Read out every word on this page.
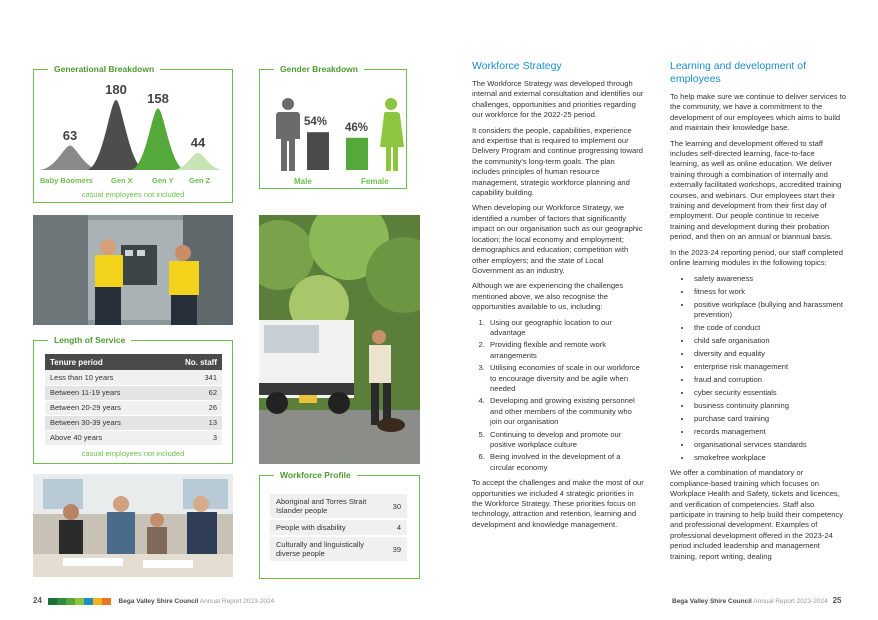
Generational Breakdown
63
180
158
44
Baby Boomers Gen X	Gen Y Gen Z
casual employees not included
Gender Breakdown
54% 46%
Male	Female
Length of Service
Tenure period	No. staff
Less than 10 years	341
Between 11-19 years	62
Between 20-29 years	26
Between 30-39 years	13
Above 40 years	3
casual employees not included
Workforce Profile
Aboriginal and Torres Strait Islander people	30
People with disability	4
Culturally and linguistically diverse people	39
Workforce Strategy

The Workforce Strategy was developed through internal and external consultation and identifies our challenges, opportunities and priorities regarding our workforce for the 2022-25 period.

It considers the people, capabilities, experience and expertise that is required to implement our Delivery Program and continue progressing toward the community's long-term goals. The plan includes principles of human resource management, strategic workforce planning and capability building.

When developing our Workforce Strategy, we identified a number of factors that significantly impact on our organisation such as our geographic location; the local economy and employment; demographics and education; competition with other employers; and the state of Local Government as an industry.

Although we are experiencing the challenges mentioned above, we also recognise the opportunities available to us, including:

1. Using our geographic location to our advantage
2. Providing flexible and remote work arrangements
3. Utilising economies of scale in our workforce to encourage diversity and be agile when needed
4. Developing and growing existing personnel and other members of the community who join our organisation
5. Continuing to develop and promote our positive workplace culture
6. Being involved in the development of a circular economy

To accept the challenges and make the most of our opportunities we included 4 strategic priorities in the Workforce Strategy. These priorities focus on technology, attraction and retention, learning and development and knowledge management.

Learning and development of employees

To help make sure we continue to deliver services to the community, we have a commitment to the development of our employees which aims to build and maintain their knowledge base.

The learning and development offered to staff includes self-directed learning, face-to-face learning, as well as online education. We deliver training through a combination of internally and externally facilitated workshops, accredited training courses, and webinars. Our employees start their training and development from their first day of employment. Our people continue to receive training and development during their probation period, and then on an annual or biannual basis.

In the 2023-24 reporting period, our staff completed online learning modules in the following topics:

• safety awareness
• fitness for work
• positive workplace (bullying and harassment prevention)
• the code of conduct
• child safe organisation
• diversity and equality
• enterprise risk management
• fraud and corruption
• cyber security essentials
• business continuity planning
• purchase card training
• records management
• organisational services standards
• smokefree workplace

We offer a combination of mandatory or compliance-based training which focuses on Workplace Health and Safety, tickets and licences, and verification of competencies. Staff also participate in training to help build their competency and professional development. Examples of professional development offered in the 2023-24 period included leadership and management training, report writing, dealing

24	Bega Valley Shire Council Annual Report 2023-2024	Bega Valley Shire Council Annual Report 2023-2024 25
